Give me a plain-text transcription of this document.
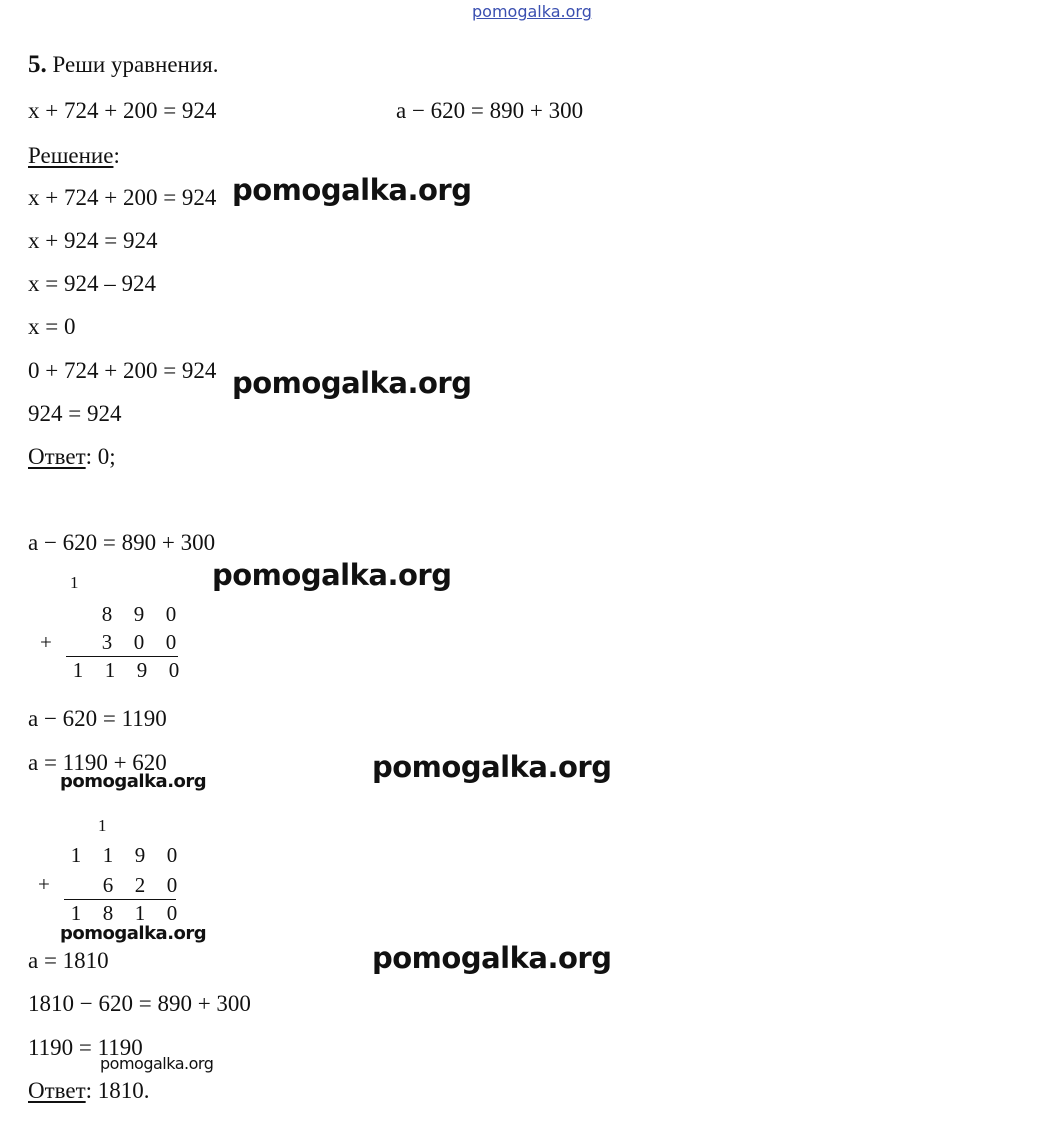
pomogalka.org
5. Реши уравнения.
x + 724 + 200 = 924	a − 620 = 890 + 300
Решение:
x + 724 + 200 = 924
x + 924 = 924
x = 924 – 924
x = 0
0 + 724 + 200 = 924
924 = 924
Ответ: 0;
a − 620 = 890 + 300
1
8 9 0
+	3 0 0
1 1 9 0
a − 620 = 1190
a = 1190 + 620
1
1 1 9 0
+	6 2 0
1 8 1 0
a = 1810
1810 − 620 = 890 + 300
1190 = 1190
Ответ: 1810.
pomogalka.org
pomogalka.org
pomogalka.org
pomogalka.org
pomogalka.org
pomogalka.org
pomogalka.org
pomogalka.org
